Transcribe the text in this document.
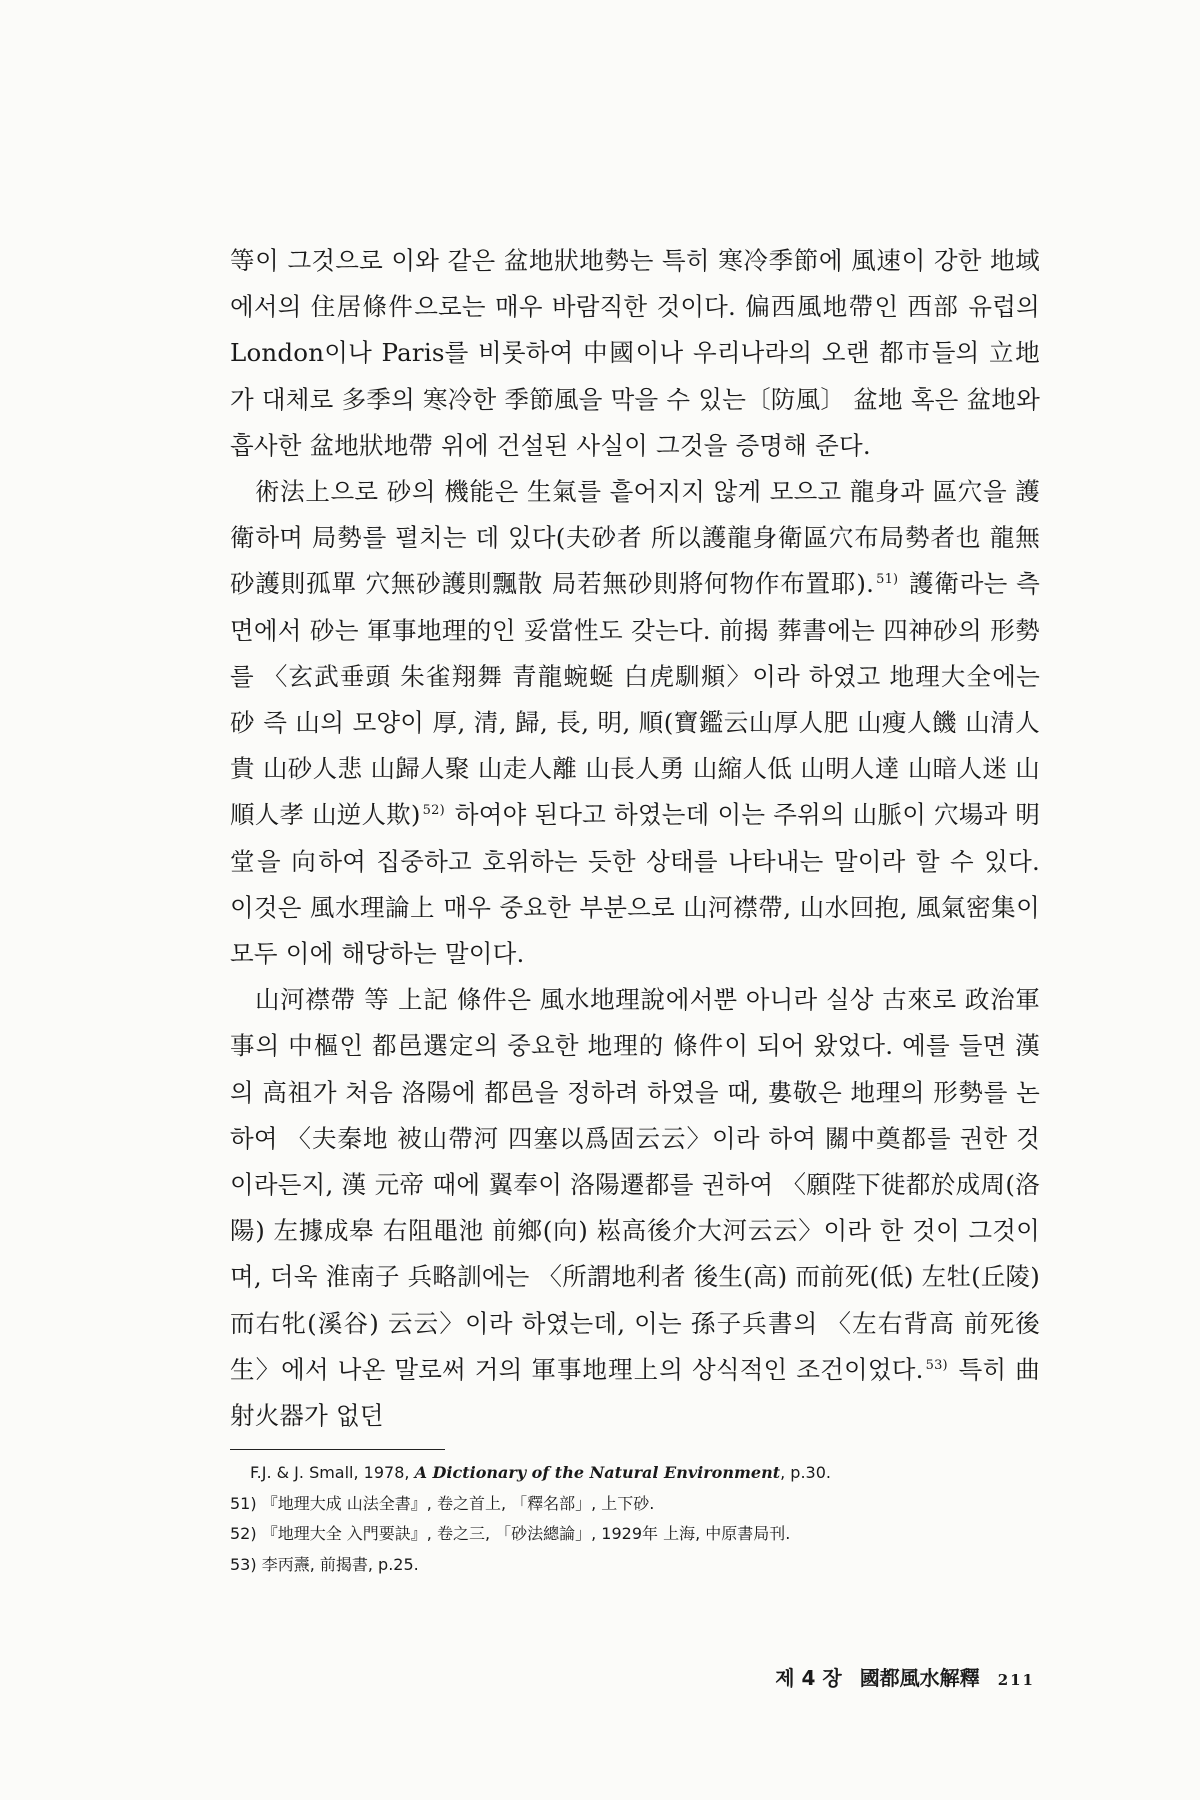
等이 그것으로 이와 같은 盆地狀地勢는 특히 寒冷季節에 風速이 강한 地域에서의 住居條件으로는 매우 바람직한 것이다. 偏西風地帶인 西部 유럽의 London이나 Paris를 비롯하여 中國이나 우리나라의 오랜 都市들의 立地가 대체로 多季의 寒冷한 季節風을 막을 수 있는〔防風〕 盆地 혹은 盆地와 흡사한 盆地狀地帶 위에 건설된 사실이 그것을 증명해 준다.

術法上으로 砂의 機能은 生氣를 흩어지지 않게 모으고 龍身과 區穴을 護衛하며 局勢를 펼치는 데 있다(夫砂者 所以護龍身衛區穴布局勢者也 龍無砂護則孤單 穴無砂護則飄散 局若無砂則將何物作布置耶). $^{51)}$ 護衛라는 측면에서 砂는 軍事地理的인 妥當性도 갖는다. 前揭 葬書에는 四神砂의 形勢를 〈玄武垂頭 朱雀翔舞 青龍蜿蜒 白虎馴頫〉이라 하였고 地理大全에는 砂 즉 山의 모양이 厚, 清, 歸, 長, 明, 順(寶鑑云山厚人肥 山瘦人饑 山清人貴 山砂人悲 山歸人聚 山走人離 山長人勇 山縮人低 山明人達 山暗人迷 山順人孝 山逆人欺) $^{52)}$ 하여야 된다고 하였는데 이는 주위의 山脈이 穴場과 明堂을 向하여 집중하고 호위하는 듯한 상태를 나타내는 말이라 할 수 있다. 이것은 風水理論上 매우 중요한 부분으로 山河襟帶, 山水回抱, 風氣密集이 모두 이에 해당하는 말이다.

山河襟帶 等 上記 條件은 風水地理說에서뿐 아니라 실상 古來로 政治軍事의 中樞인 都邑選定의 중요한 地理的 條件이 되어 왔었다. 예를 들면 漢의 高祖가 처음 洛陽에 都邑을 정하려 하였을 때, 婁敬은 地理의 形勢를 논하여 〈夫秦地 被山帶河 四塞以爲固云云〉이라 하여 關中奠都를 권한 것이라든지, 漢 元帝 때에 翼奉이 洛陽遷都를 권하여 〈願陛下徙都於成周(洛陽) 左據成皋 右阻黽池 前鄉(向) 崧高後介大河云云〉이라 한 것이 그것이며, 더욱 淮南子 兵略訓에는 〈所謂地利者 後生(高) 而前死(低) 左牡(丘陵) 而右牝(溪谷) 云云〉이라 하였는데, 이는 孫子兵書의 〈左右背高 前死後生〉에서 나온 말로써 거의 軍事地理上의 상식적인 조건이었다. $^{53)}$ 특히 曲射火器가 없던

F.J. & J. Small, 1978, A Dictionary of the Natural Environment, p.30.
51) 『地理大成 山法全書』, 卷之首上, 「釋名部」, 上下砂.
52) 『地理大全 入門要訣』, 卷之三, 「砂法總論」, 1929年 上海, 中原書局刊.
53) 李丙燾, 前揭書, p.25.
제 4 장 國都風水解釋 211
